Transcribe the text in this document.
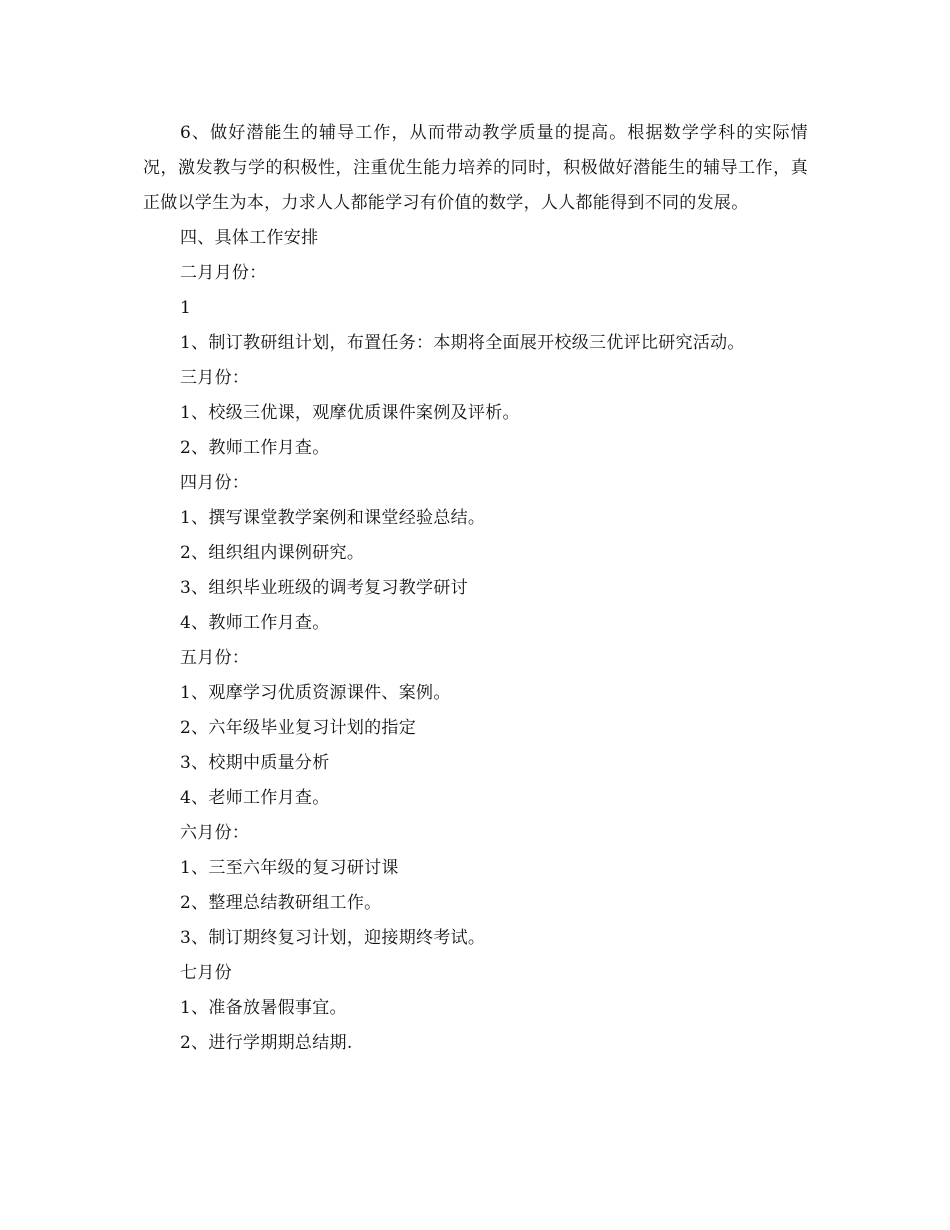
6、做好潜能生的辅导工作，从而带动教学质量的提高。根据数学学科的实际情况，激发教与学的积极性，注重优生能力培养的同时，积极做好潜能生的辅导工作，真正做以学生为本，力求人人都能学习有价值的数学，人人都能得到不同的发展。

四、具体工作安排
二月月份：
1
1、制订教研组计划，布置任务：本期将全面展开校级三优评比研究活动。
三月份：
1、校级三优课，观摩优质课件案例及评析。
2、教师工作月查。
四月份：
1、撰写课堂教学案例和课堂经验总结。
2、组织组内课例研究。
3、组织毕业班级的调考复习教学研讨
4、教师工作月查。
五月份：
1、观摩学习优质资源课件、案例。
2、六年级毕业复习计划的指定
3、校期中质量分析
4、老师工作月查。
六月份：
1、三至六年级的复习研讨课
2、整理总结教研组工作。
3、制订期终复习计划，迎接期终考试。
七月份
1、准备放暑假事宜。
2、进行学期期总结期.
